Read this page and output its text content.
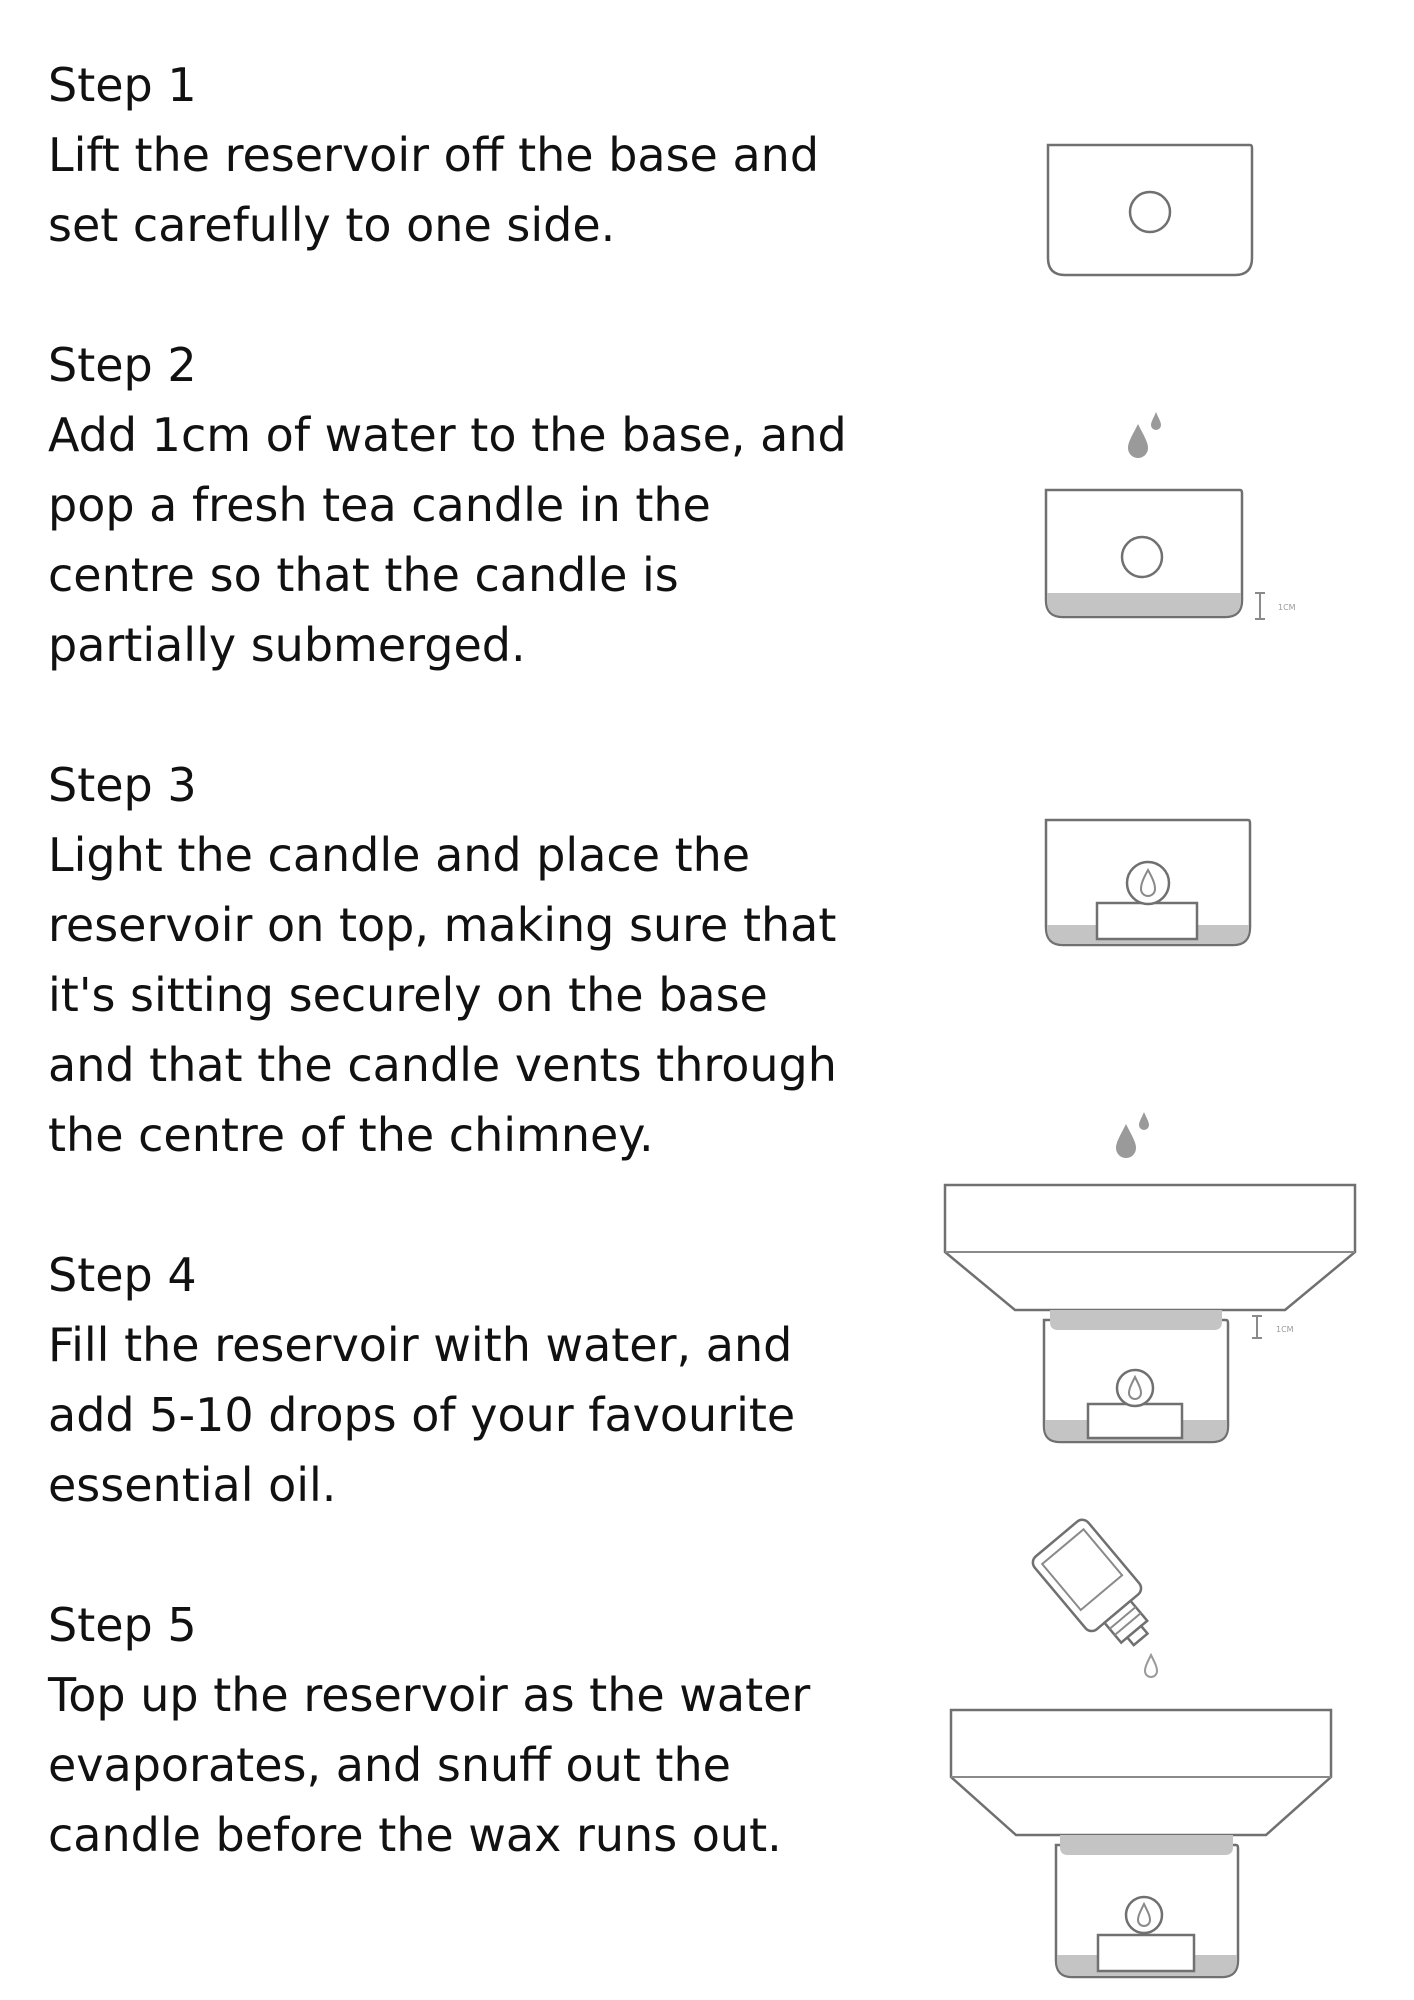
Step 1

Lift the reservoir off the base and
set carefully to one side.

Step 2

Add 1cm of water to the base, and
pop a fresh tea candle in the
centre so that the candle is
partially submerged.

Step 3

Light the candle and place the
reservoir on top, making sure that
it's sitting securely on the base
and that the candle vents through
the centre of the chimney.

Step 4

Fill the reservoir with water, and
add 5-10 drops of your favourite
essential oil.

Step 5

Top up the reservoir as the water
evaporates, and snuff out the
candle before the wax runs out.

1CM
1CM
